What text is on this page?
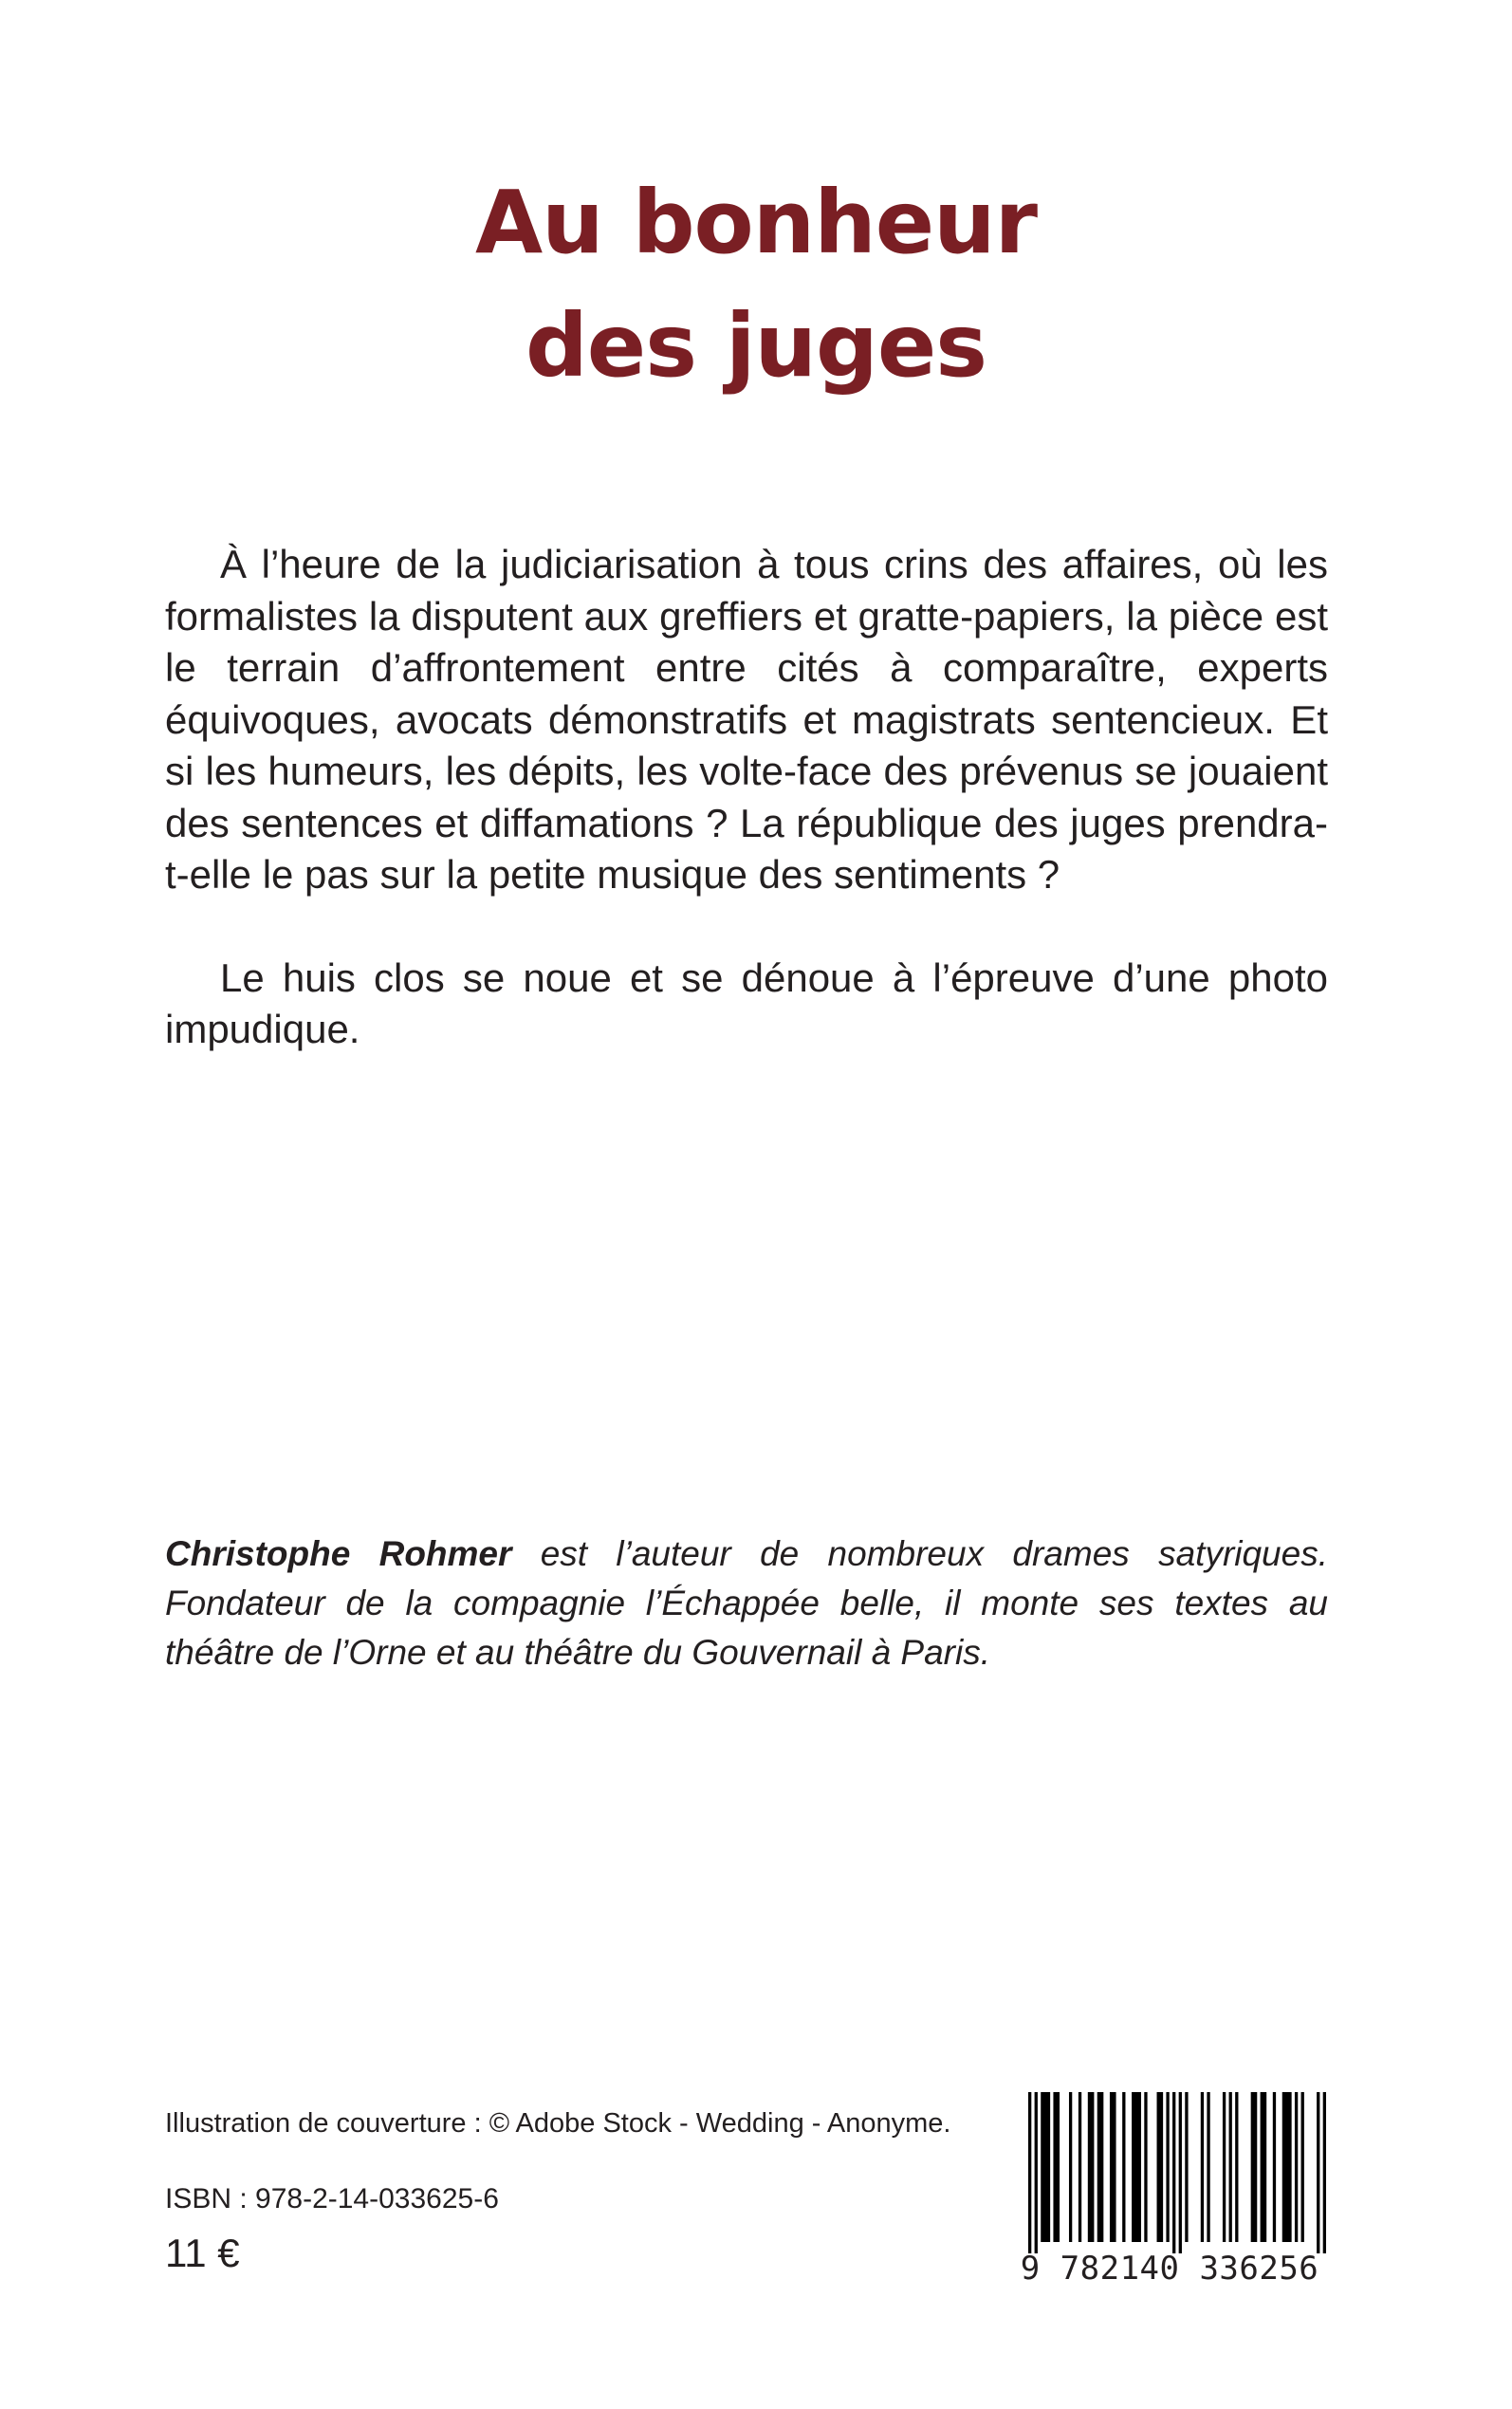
Au bonheur
des juges

À l’heure de la judiciarisation à tous crins des affaires, où les formalistes la disputent aux greffiers et gratte-papiers, la pièce est le terrain d’affrontement entre cités à comparaître, experts équivoques, avocats démonstratifs et magistrats sentencieux. Et si les humeurs, les dépits, les volte-face des prévenus se jouaient des sentences et diffamations ? La république des juges prendra-t-elle le pas sur la petite musique des sentiments ?

Le huis clos se noue et se dénoue à l’épreuve d’une photo impudique.

Christophe Rohmer est l’auteur de nombreux drames satyriques. Fondateur de la compagnie l’Échappée belle, il monte ses textes au théâtre de l’Orne et au théâtre du Gouvernail à Paris.
Illustration de couverture : © Adobe Stock - Wedding - Anonyme.
ISBN : 978-2-14-033625-6
11 €	9 782140 336256
